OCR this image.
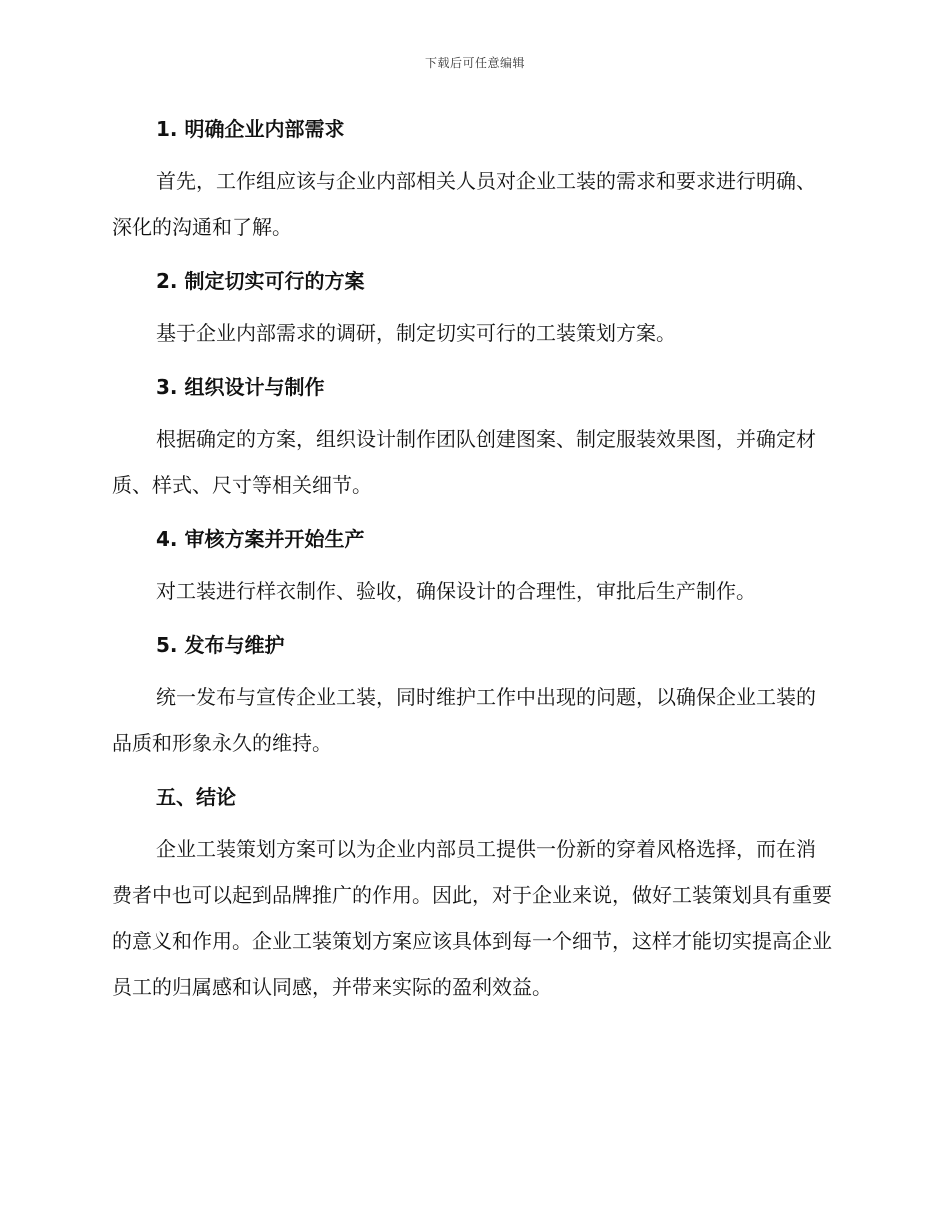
下载后可任意编辑
1. 明确企业内部需求

首先，工作组应该与企业内部相关人员对企业工装的需求和要求进行明确、深化的沟通和了解。

2. 制定切实可行的方案

基于企业内部需求的调研，制定切实可行的工装策划方案。

3. 组织设计与制作

根据确定的方案，组织设计制作团队创建图案、制定服装效果图，并确定材质、样式、尺寸等相关细节。

4. 审核方案并开始生产

对工装进行样衣制作、验收，确保设计的合理性，审批后生产制作。

5. 发布与维护

统一发布与宣传企业工装，同时维护工作中出现的问题，以确保企业工装的品质和形象永久的维持。

五、结论

企业工装策划方案可以为企业内部员工提供一份新的穿着风格选择，而在消费者中也可以起到品牌推广的作用。因此，对于企业来说，做好工装策划具有重要的意义和作用。企业工装策划方案应该具体到每一个细节，这样才能切实提高企业员工的归属感和认同感，并带来实际的盈利效益。
